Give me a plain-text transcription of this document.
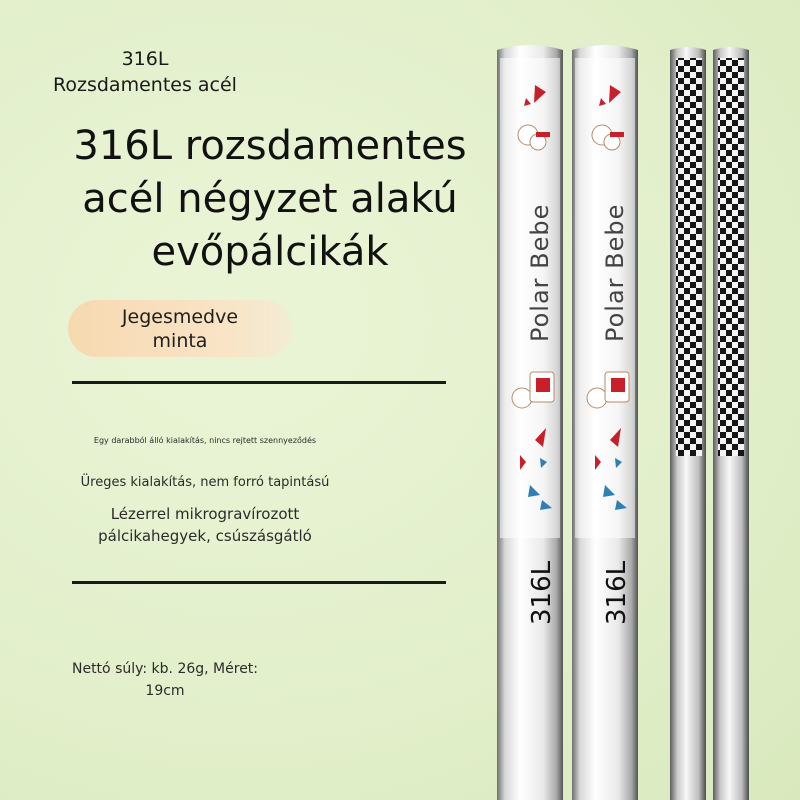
316L
Rozsdamentes acél
316L rozsdamentes
acél négyzet alakú
evőpálcikák
Jegesmedve
minta
Egy darabból álló kialakítás, nincs rejtett szennyeződés
Üreges kialakítás, nem forró tapintású
Lézerrel mikrogravírozott
pálcikahegyek, csúszásgátló
Nettó súly: kb. 26g, Méret:
19cm
Polar Bebe
316L
Polar Bebe
316L
